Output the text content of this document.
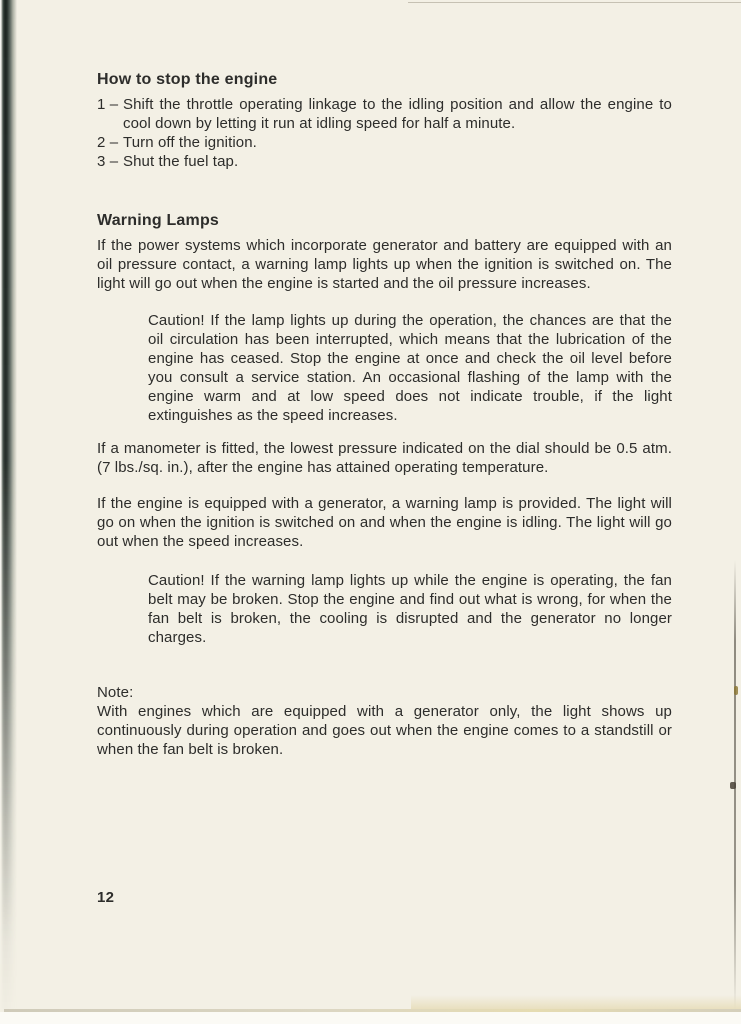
How to stop the engine
1 – Shift the throttle operating linkage to the idling position and allow the engine to cool down by letting it run at idling speed for half a minute.
2 – Turn off the ignition.
3 – Shut the fuel tap.
Warning Lamps

If the power systems which incorporate generator and battery are equipped with an oil pressure contact, a warning lamp lights up when the ignition is switched on. The light will go out when the engine is started and the oil pressure increases.

Caution! If the lamp lights up during the operation, the chances are that the oil circulation has been interrupted, which means that the lubrication of the engine has ceased. Stop the engine at once and check the oil level before you consult a service station. An occasional flashing of the lamp with the engine warm and at low speed does not indicate trouble, if the light extinguishes as the speed increases.

If a manometer is fitted, the lowest pressure indicated on the dial should be 0.5 atm. (7 lbs./sq. in.), after the engine has attained operating temperature.

If the engine is equipped with a generator, a warning lamp is provided. The light will go on when the ignition is switched on and when the engine is idling. The light will go out when the speed increases.

Caution! If the warning lamp lights up while the engine is operating, the fan belt may be broken. Stop the engine and find out what is wrong, for when the fan belt is broken, the cooling is disrupted and the generator no longer charges.

Note:

With engines which are equipped with a generator only, the light shows up continuously during operation and goes out when the engine comes to a standstill or when the fan belt is broken.

12
